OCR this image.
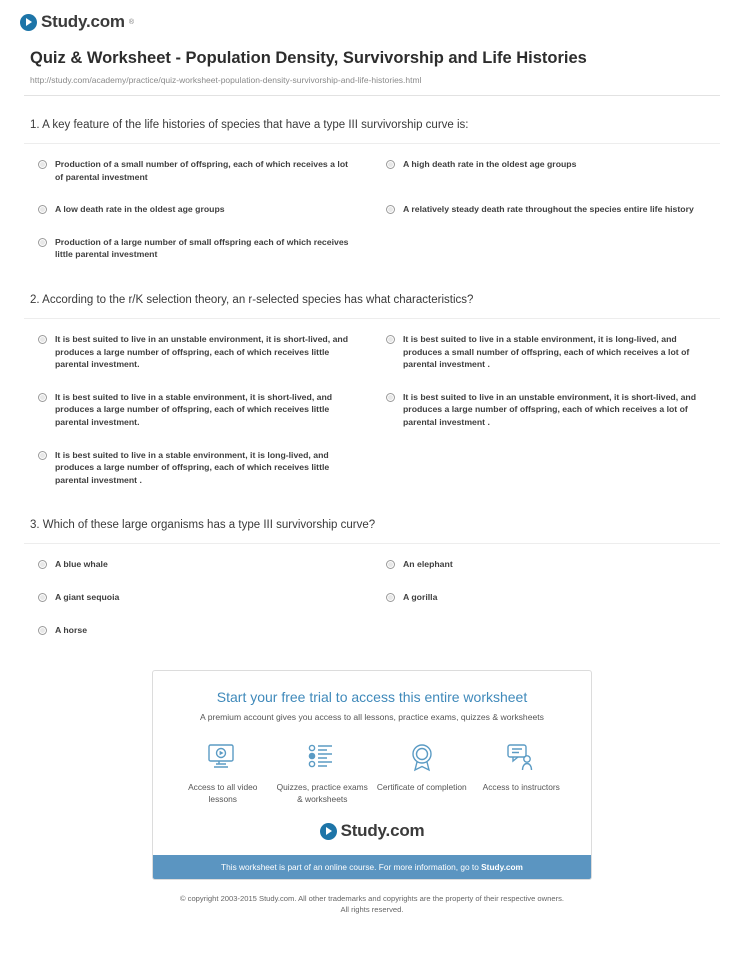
Study.com ®
Quiz & Worksheet - Population Density, Survivorship and Life Histories
http://study.com/academy/practice/quiz-worksheet-population-density-survivorship-and-life-histories.html
1. A key feature of the life histories of species that have a type III survivorship curve is:
Production of a small number of offspring, each of which receives a lot of parental investment
A high death rate in the oldest age groups
A low death rate in the oldest age groups	A relatively steady death rate throughout the species entire life history
Production of a large number of small offspring each of which receives little parental investment
2. According to the r/K selection theory, an r-selected species has what characteristics?
It is best suited to live in an unstable environment, it is short-lived, and produces a large number of offspring, each of which receives little parental investment.
It is best suited to live in a stable environment, it is long-lived, and produces a small number of offspring, each of which receives a lot of parental investment .
It is best suited to live in a stable environment, it is short-lived, and produces a large number of offspring, each of which receives little parental investment.
It is best suited to live in an unstable environment, it is short-lived, and produces a large number of offspring, each of which receives a lot of parental investment .
It is best suited to live in a stable environment, it is long-lived, and produces a large number of offspring, each of which receives little parental investment .
3. Which of these large organisms has a type III survivorship curve?
A blue whale	An elephant
A giant sequoia	A gorilla
A horse
Start your free trial to access this entire worksheet
A premium account gives you access to all lessons, practice exams, quizzes & worksheets
Access to all video lessons
Quizzes, practice exams & worksheets
Certificate of completion	Access to instructors
Study.com
This worksheet is part of an online course. For more information, go to Study.com
© copyright 2003-2015 Study.com. All other trademarks and copyrights are the property of their respective owners.
All rights reserved.
